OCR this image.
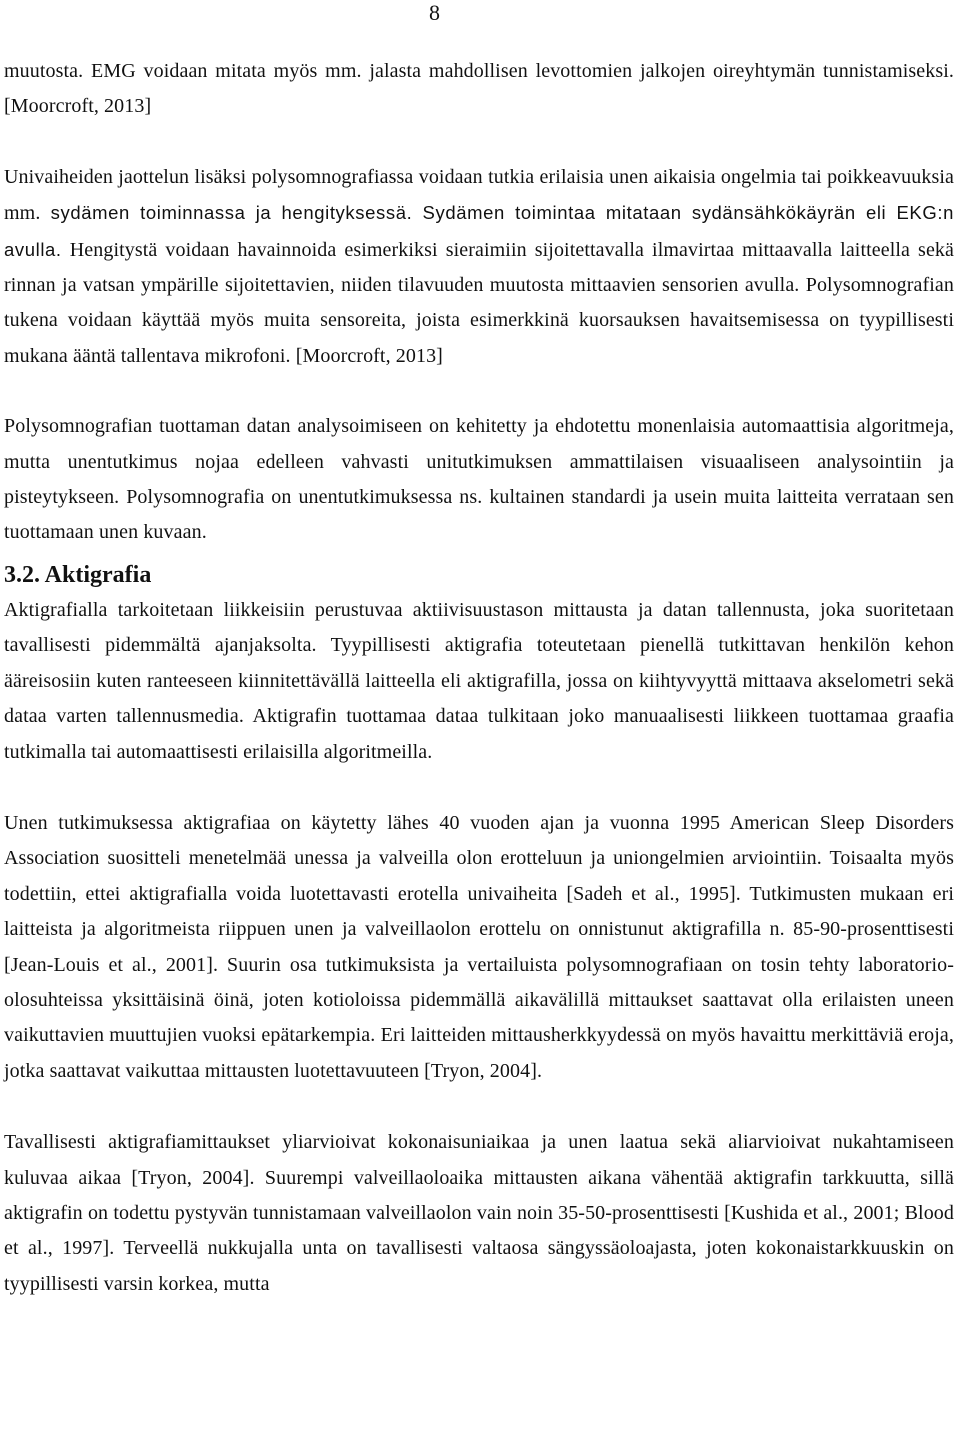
8

muutosta. EMG voidaan mitata myös mm. jalasta mahdollisen levottomien jalkojen oireyhtymän tunnistamiseksi. [Moorcroft, 2013]

Univaiheiden jaottelun lisäksi polysomnografiassa voidaan tutkia erilaisia unen aikaisia ongelmia tai poikkeavuuksia mm. sydämen toiminnassa ja hengityksessä. Sydämen toimintaa mitataan sydänsähkökäyrän eli EKG:n avulla. Hengitystä voidaan havainnoida esimerkiksi sieraimiin sijoitettavalla ilmavirtaa mittaavalla laitteella sekä rinnan ja vatsan ympärille sijoitettavien, niiden tilavuuden muutosta mittaavien sensorien avulla. Polysomnografian tukena voidaan käyttää myös muita sensoreita, joista esimerkkinä kuorsauksen havaitsemisessa on tyypillisesti mukana ääntä tallentava mikrofoni. [Moorcroft, 2013]

Polysomnografian tuottaman datan analysoimiseen on kehitetty ja ehdotettu monenlaisia automaattisia algoritmeja, mutta unentutkimus nojaa edelleen vahvasti unitutkimuksen ammattilaisen visuaaliseen analysointiin ja pisteytykseen. Polysomnografia on unentutkimuksessa ns. kultainen standardi ja usein muita laitteita verrataan sen tuottamaan unen kuvaan.

3.2. Aktigrafia

Aktigrafialla tarkoitetaan liikkeisiin perustuvaa aktiivisuustason mittausta ja datan tallennusta, joka suoritetaan tavallisesti pidemmältä ajanjaksolta. Tyypillisesti aktigrafia toteutetaan pienellä tutkittavan henkilön kehon ääreisosiin kuten ranteeseen kiinnitettävällä laitteella eli aktigrafilla, jossa on kiihtyvyyttä mittaava akselometri sekä dataa varten tallennusmedia. Aktigrafin tuottamaa dataa tulkitaan joko manuaalisesti liikkeen tuottamaa graafia tutkimalla tai automaattisesti erilaisilla algoritmeilla.

Unen tutkimuksessa aktigrafiaa on käytetty lähes 40 vuoden ajan ja vuonna 1995 American Sleep Disorders Association suositteli menetelmää unessa ja valveilla olon erotteluun ja uniongelmien arviointiin. Toisaalta myös todettiin, ettei aktigrafialla voida luotettavasti erotella univaiheita [Sadeh et al., 1995]. Tutkimusten mukaan eri laitteista ja algoritmeista riippuen unen ja valveillaolon erottelu on onnistunut aktigrafilla n. 85-90-prosenttisesti [Jean-Louis et al., 2001]. Suurin osa tutkimuksista ja vertailuista polysomnografiaan on tosin tehty laboratorio-olosuhteissa yksittäisinä öinä, joten kotioloissa pidemmällä aikavälillä mittaukset saattavat olla erilaisten uneen vaikuttavien muuttujien vuoksi epätarkempia. Eri laitteiden mittausherkkyydessä on myös havaittu merkittäviä eroja, jotka saattavat vaikuttaa mittausten luotettavuuteen [Tryon, 2004].

Tavallisesti aktigrafiamittaukset yliarvioivat kokonaisuniaikaa ja unen laatua sekä aliarvioivat nukahtamiseen kuluvaa aikaa [Tryon, 2004]. Suurempi valveillaoloaika mittausten aikana vähentää aktigrafin tarkkuutta, sillä aktigrafin on todettu pystyvän tunnistamaan valveillaolon vain noin 35-50-prosenttisesti [Kushida et al., 2001; Blood et al., 1997]. Terveellä nukkujalla unta on tavallisesti valtaosa sängyssäoloajasta, joten kokonaistarkkuuskin on tyypillisesti varsin korkea, mutta
